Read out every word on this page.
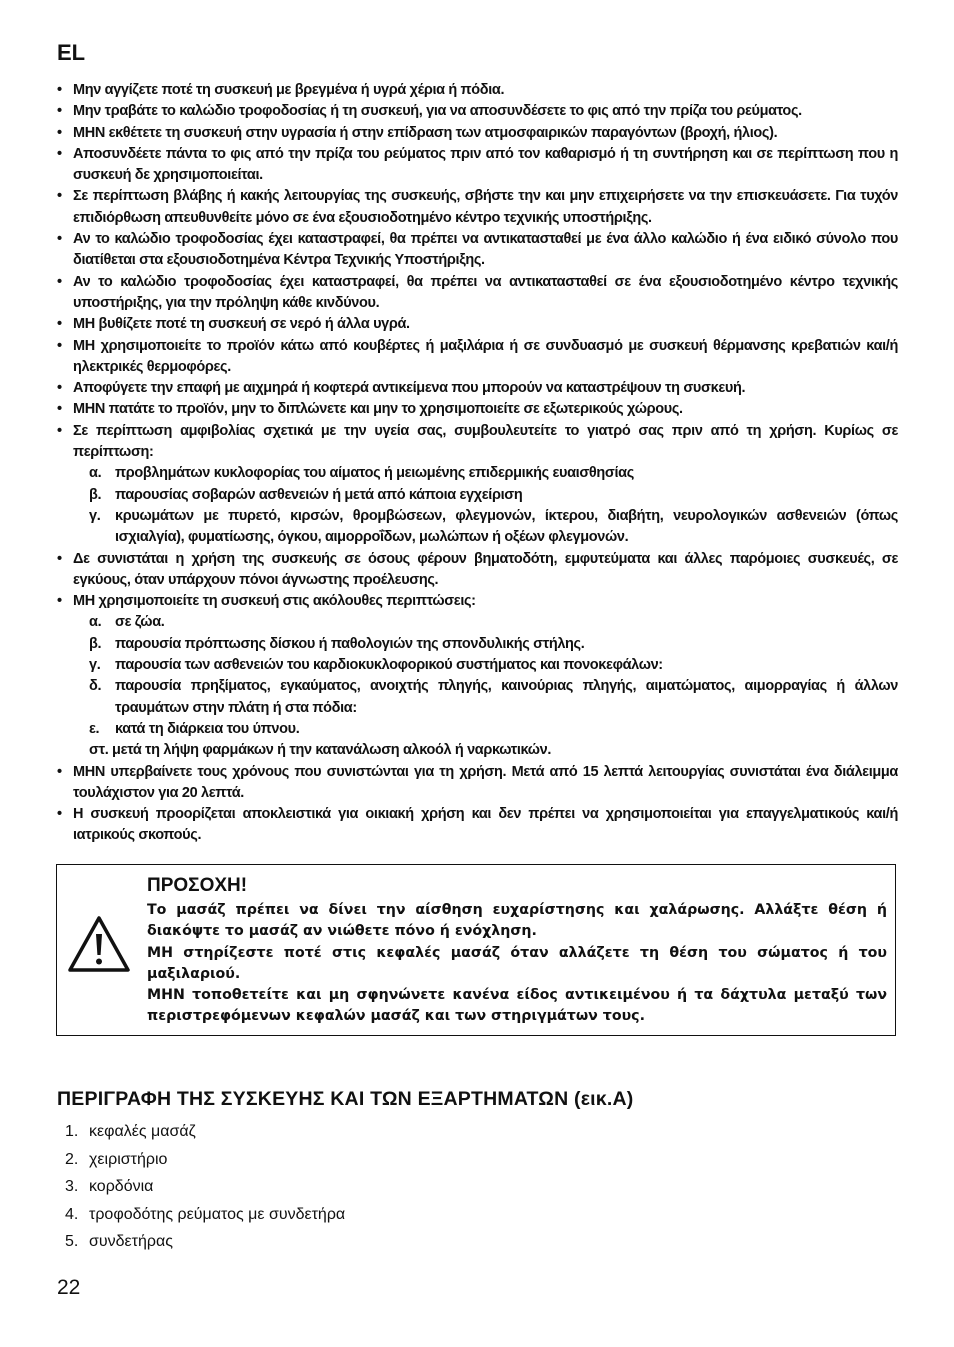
EL
• Μην αγγίζετε ποτέ τη συσκευή με βρεγμένα ή υγρά χέρια ή πόδια.
• Μην τραβάτε το καλώδιο τροφοδοσίας ή τη συσκευή, για να αποσυνδέσετε το φις από την πρίζα του ρεύματος.
• ΜΗΝ εκθέτετε τη συσκευή στην υγρασία ή στην επίδραση των ατμοσφαιρικών παραγόντων (βροχή, ήλιος).
• Αποσυνδέετε πάντα το φις από την πρίζα του ρεύματος πριν από τον καθαρισμό ή τη συντήρηση και σε περίπτωση που η συσκευή δε χρησιμοποιείται.
• Σε περίπτωση βλάβης ή κακής λειτουργίας της συσκευής, σβήστε την και μην επιχειρήσετε να την επισκευάσετε. Για τυχόν επιδιόρθωση απευθυνθείτε μόνο σε ένα εξουσιοδοτημένο κέντρο τεχνικής υποστήριξης.
• Αν το καλώδιο τροφοδοσίας έχει καταστραφεί, θα πρέπει να αντικατασταθεί με ένα άλλο καλώδιο ή ένα ειδικό σύνολο που διατίθεται στα εξουσιοδοτημένα Κέντρα Τεχνικής Υποστήριξης.
• Αν το καλώδιο τροφοδοσίας έχει καταστραφεί, θα πρέπει να αντικατασταθεί σε ένα εξουσιοδοτημένο κέντρο τεχνικής υποστήριξης, για την πρόληψη κάθε κινδύνου.
• ΜΗ βυθίζετε ποτέ τη συσκευή σε νερό ή άλλα υγρά.
• ΜΗ χρησιμοποιείτε το προϊόν κάτω από κουβέρτες ή μαξιλάρια ή σε συνδυασμό με συσκευή θέρμανσης κρεβατιών και/ή ηλεκτρικές θερμοφόρες.
• Αποφύγετε την επαφή με αιχμηρά ή κοφτερά αντικείμενα που μπορούν να καταστρέψουν τη συσκευή.
• ΜΗΝ πατάτε το προϊόν, μην το διπλώνετε και μην το χρησιμοποιείτε σε εξωτερικούς χώρους.
• Σε περίπτωση αμφιβολίας σχετικά με την υγεία σας, συμβουλευτείτε το γιατρό σας πριν από τη χρήση. Κυρίως σε περίπτωση:
α. προβλημάτων κυκλοφορίας του αίματος ή μειωμένης επιδερμικής ευαισθησίας
β. παρουσίας σοβαρών ασθενειών ή μετά από κάποια εγχείριση
γ. κρυωμάτων με πυρετό, κιρσών, θρομβώσεων, φλεγμονών, ίκτερου, διαβήτη, νευρολογικών ασθενειών (όπως ισχιαλγία), φυματίωσης, όγκου, αιμορροΐδων, μωλώπων ή οξέων φλεγμονών.
• Δε συνιστάται η χρήση της συσκευής σε όσους φέρουν βηματοδότη, εμφυτεύματα και άλλες παρόμοιες συσκευές, σε εγκύους, όταν υπάρχουν πόνοι άγνωστης προέλευσης.
• ΜΗ χρησιμοποιείτε τη συσκευή στις ακόλουθες περιπτώσεις:
α. σε ζώα.
β. παρουσία πρόπτωσης δίσκου ή παθολογιών της σπονδυλικής στήλης.
γ. παρουσία των ασθενειών του καρδιοκυκλοφορικού συστήματος και πονοκεφάλων:
δ. παρουσία πρηξίματος, εγκαύματος, ανοιχτής πληγής, καινούριας πληγής, αιματώματος, αιμορραγίας ή άλλων τραυμάτων στην πλάτη ή στα πόδια:
ε. κατά τη διάρκεια του ύπνου.
στ. μετά τη λήψη φαρμάκων ή την κατανάλωση αλκοόλ ή ναρκωτικών.
• ΜΗΝ υπερβαίνετε τους χρόνους που συνιστώνται για τη χρήση. Μετά από 15 λεπτά λειτουργίας συνιστάται ένα διάλειμμα τουλάχιστον για 20 λεπτά.
• Η συσκευή προορίζεται αποκλειστικά για οικιακή χρήση και δεν πρέπει να χρησιμοποιείται για επαγγελματικούς και/ή ιατρικούς σκοπούς.
ΠΡΟΣΟΧΗ!

Το μασάζ πρέπει να δίνει την αίσθηση ευχαρίστησης και χαλάρωσης. Αλλάξτε θέση ή διακόψτε το μασάζ αν νιώθετε πόνο ή ενόχληση.

ΜΗ στηρίζεστε ποτέ στις κεφαλές μασάζ όταν αλλάζετε τη θέση του σώματος ή του μαξιλαριού.

ΜΗΝ τοποθετείτε και μη σφηνώνετε κανένα είδος αντικειμένου ή τα δάχτυλα μεταξύ των περιστρεφόμενων κεφαλών μασάζ και των στηριγμάτων τους.

ΠΕΡΙΓΡΑΦΗ ΤΗΣ ΣΥΣΚΕΥΗΣ ΚΑΙ ΤΩΝ ΕΞΑΡΤΗΜΑΤΩΝ (εικ.A)
1. κεφαλές μασάζ
2. χειριστήριο
3. κορδόνια
4. τροφοδότης ρεύματος με συνδετήρα
5. συνδετήρας
22
